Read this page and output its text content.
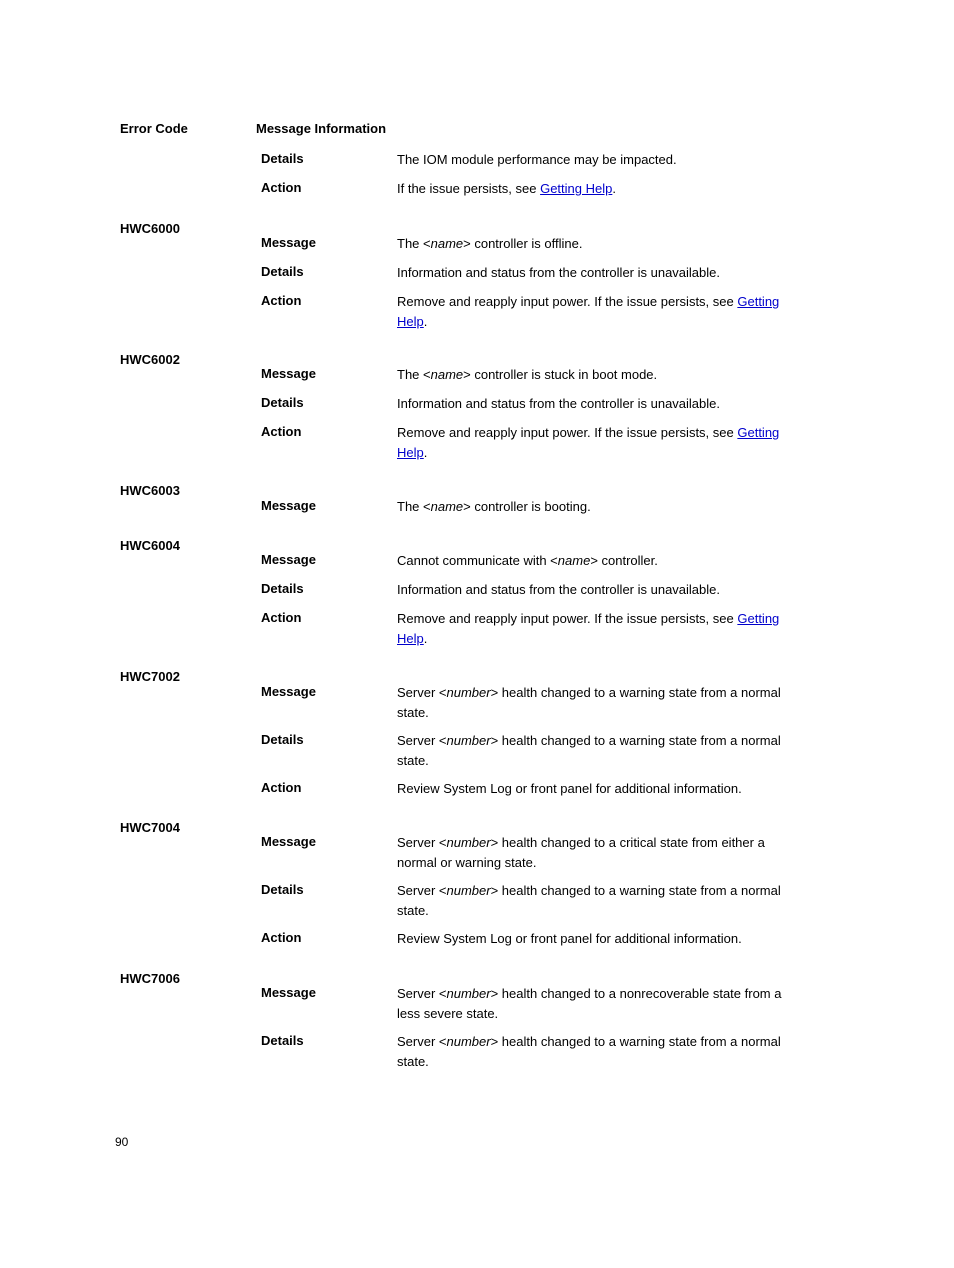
Error Code	Message Information
Details	The IOM module performance may be impacted.
Action	If the issue persists, see Getting Help.
HWC6000
Message	The <name> controller is offline.
Details	Information and status from the controller is unavailable.
Action	Remove and reapply input power. If the issue persists, see Getting Help.
HWC6002
Message	The <name> controller is stuck in boot mode.
Details	Information and status from the controller is unavailable.
Action	Remove and reapply input power. If the issue persists, see Getting Help.
HWC6003
Message	The <name> controller is booting.
HWC6004
Message	Cannot communicate with <name> controller.
Details	Information and status from the controller is unavailable.
Action	Remove and reapply input power. If the issue persists, see Getting Help.
HWC7002
Message	Server <number> health changed to a warning state from a normal state.
Details	Server <number> health changed to a warning state from a normal state.
Action	Review System Log or front panel for additional information.
HWC7004
Message	Server <number> health changed to a critical state from either a normal or warning state.
Details	Server <number> health changed to a warning state from a normal state.
Action	Review System Log or front panel for additional information.
HWC7006
Message	Server <number> health changed to a nonrecoverable state from a less severe state.
Details	Server <number> health changed to a warning state from a normal state.
90
